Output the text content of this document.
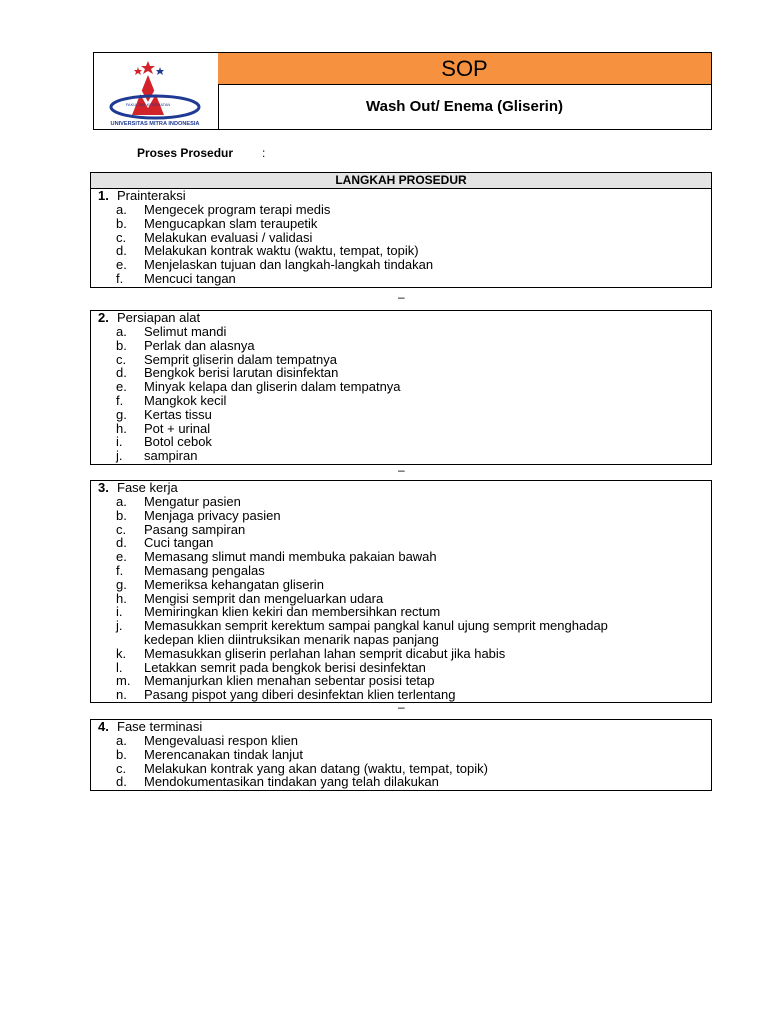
FAKULTAS KESEHATAN
UNIVERSITAS MITRA INDONESIA
SOP
Wash Out/ Enema (Gliserin)
Proses Prosedur :
LANGKAH PROSEDUR
1. Prainteraksi
a. Mengecek program terapi medis
b. Mengucapkan slam teraupetik
c. Melakukan evaluasi / validasi
d. Melakukan kontrak waktu (waktu, tempat, topik)
e. Menjelaskan tujuan dan langkah-langkah tindakan
f. Mencuci tangan
–
2. Persiapan alat
a. Selimut mandi
b. Perlak dan alasnya
c. Semprit gliserin dalam tempatnya
d. Bengkok berisi larutan disinfektan
e. Minyak kelapa dan gliserin dalam tempatnya
f. Mangkok kecil
g. Kertas tissu
h. Pot + urinal
i. Botol cebok
j. sampiran
–
3. Fase kerja
a. Mengatur pasien
b. Menjaga privacy pasien
c. Pasang sampiran
d. Cuci tangan
e. Memasang slimut mandi membuka pakaian bawah
f. Memasang pengalas
g. Memeriksa kehangatan gliserin
h. Mengisi semprit dan mengeluarkan udara
i. Memiringkan klien kekiri dan membersihkan rectum
j. Memasukkan semprit kerektum sampai pangkal kanul ujung semprit menghadap kedepan klien diintruksikan menarik napas panjang
k. Memasukkan gliserin perlahan lahan semprit dicabut jika habis
l. Letakkan semrit pada bengkok berisi desinfektan
m. Memanjurkan klien menahan sebentar posisi tetap
n. Pasang pispot yang diberi desinfektan klien terlentang
–
4. Fase terminasi
a. Mengevaluasi respon klien
b. Merencanakan tindak lanjut
c. Melakukan kontrak yang akan datang (waktu, tempat, topik)
d. Mendokumentasikan tindakan yang telah dilakukan
